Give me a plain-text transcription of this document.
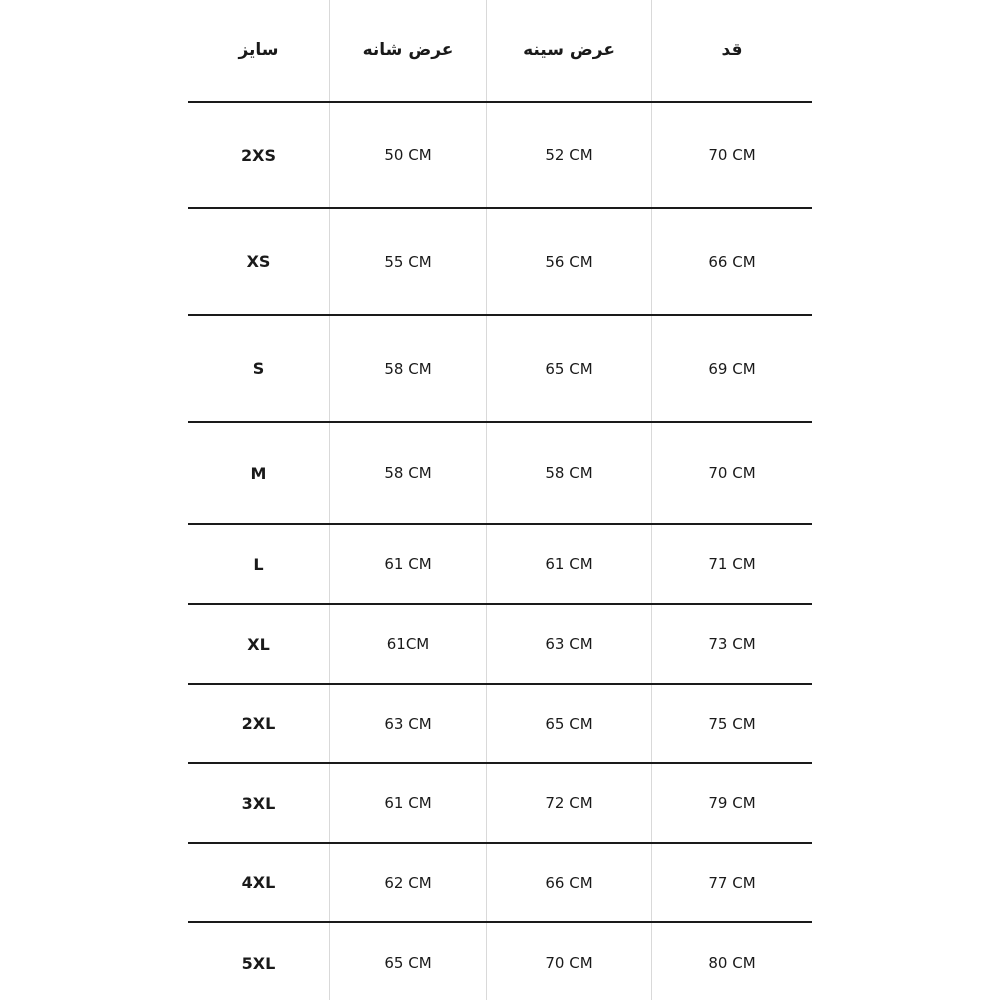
سایز	عرض شانه	عرض سینه	قد
2XS	50 CM	52 CM	70 CM
XS	55 CM	56 CM	66 CM
S	58 CM	65 CM	69 CM
M	58 CM	58 CM	70 CM
L	61 CM	61 CM	71 CM
XL	61CM	63 CM	73 CM
2XL	63 CM	65 CM	75 CM
3XL	61 CM	72 CM	79 CM
4XL	62 CM	66 CM	77 CM
5XL	65 CM	70 CM	80 CM
